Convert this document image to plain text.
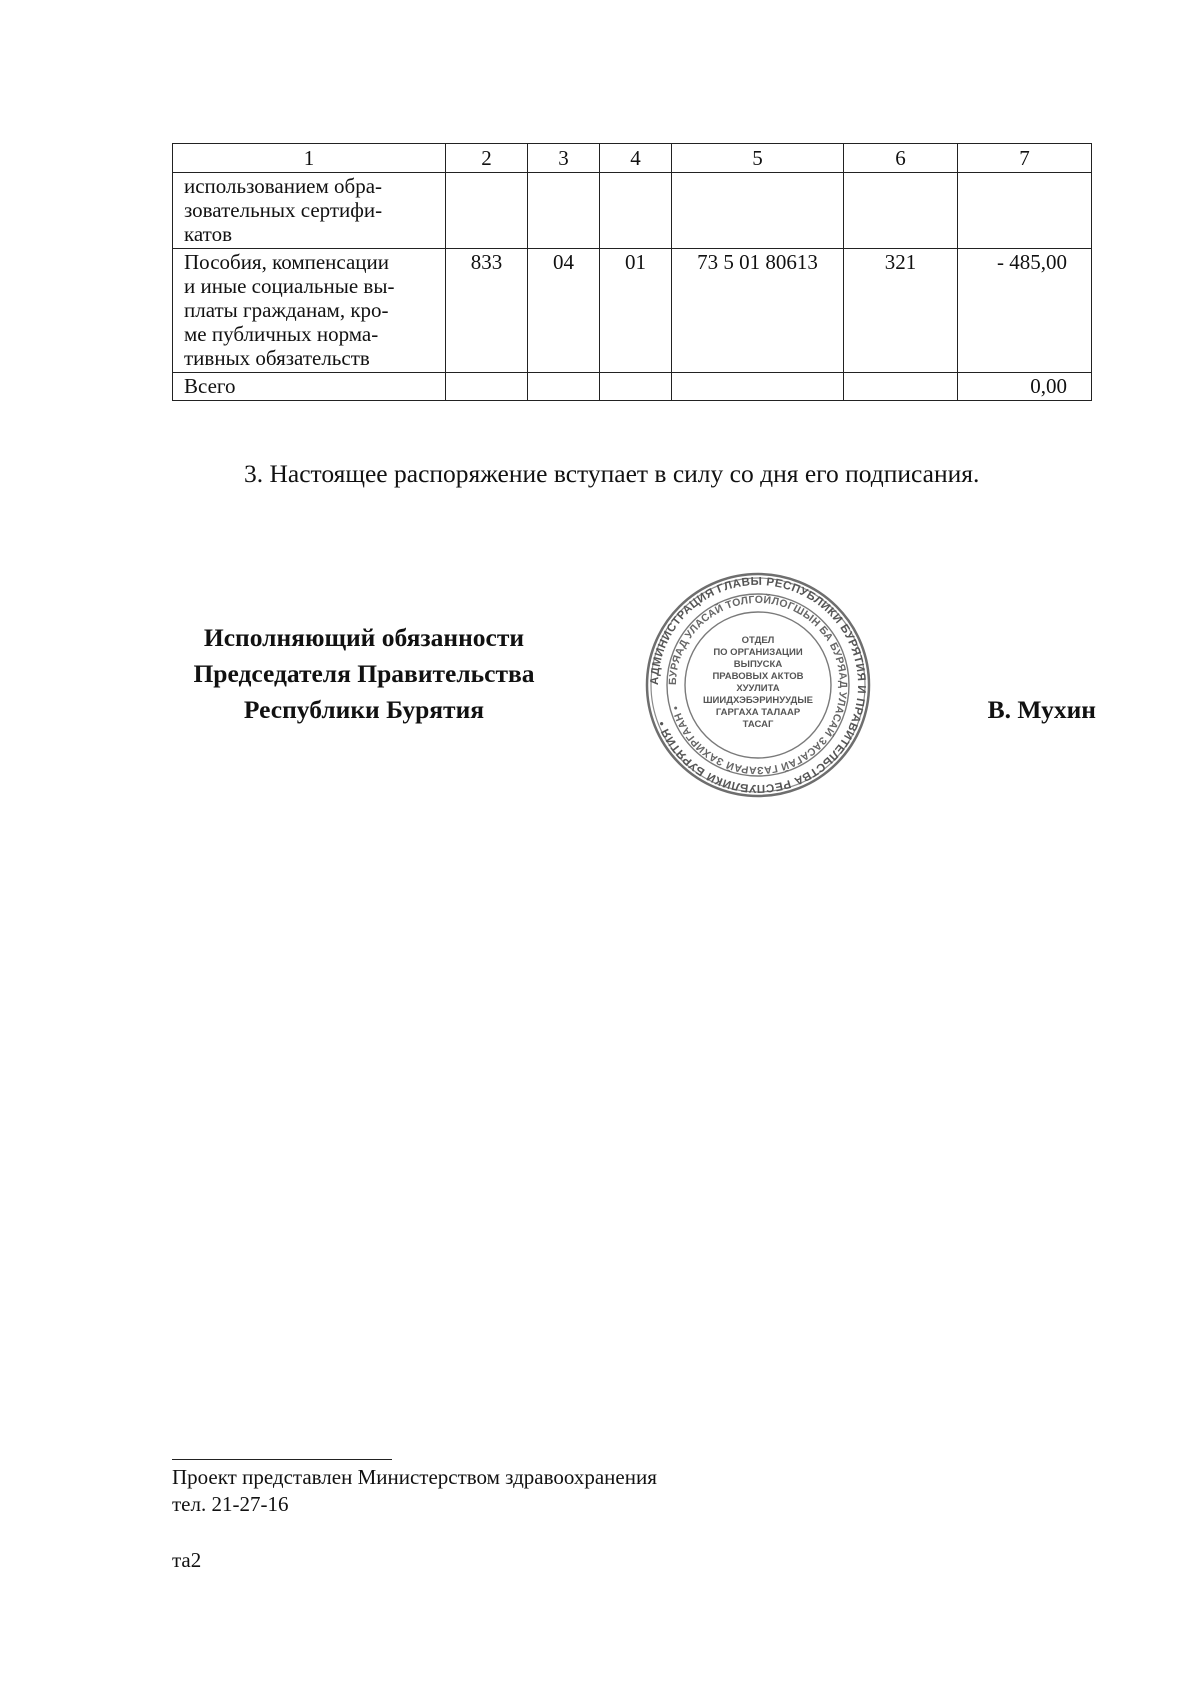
1	2	3	4	5	6	7

использованием обра-
зовательных сертифи-
катов						

Пособия, компенсации
и иные социальные вы-
платы гражданам, кро-
ме публичных норма-
тивных обязательств	833	04	01	73 5 01 80613	321	- 485,00

Всего						0,00
3. Настоящее распоряжение вступает в силу со дня его подписания.
Исполняющий обязанности
Председателя Правительства
Республики Бурятия
АДМИНИСТРАЦИЯ ГЛАВЫ РЕСПУБЛИКИ БУРЯТИЯ И ПРАВИТЕЛЬСТВА РЕСПУБЛИКИ БУРЯТИЯ •
БУРЯАД УЛАСАЙ ТОЛГОЙЛОГШЫН БА БУРЯАД УЛАСАЙ ЗАСАГАЙ ГАЗАРАЙ ЗАХИРГААН •
ОТДЕЛ
ПО ОРГАНИЗАЦИИ
ВЫПУСКА
ПРАВОВЫХ АКТОВ
ХУУЛИТА
ШИИДХЭБЭРИНУУДЫЕ
ГАРГАХА ТАЛААР
ТАСАГ
В. Мухин
Проект представлен Министерством здравоохранения
тел. 21-27-16
та2
